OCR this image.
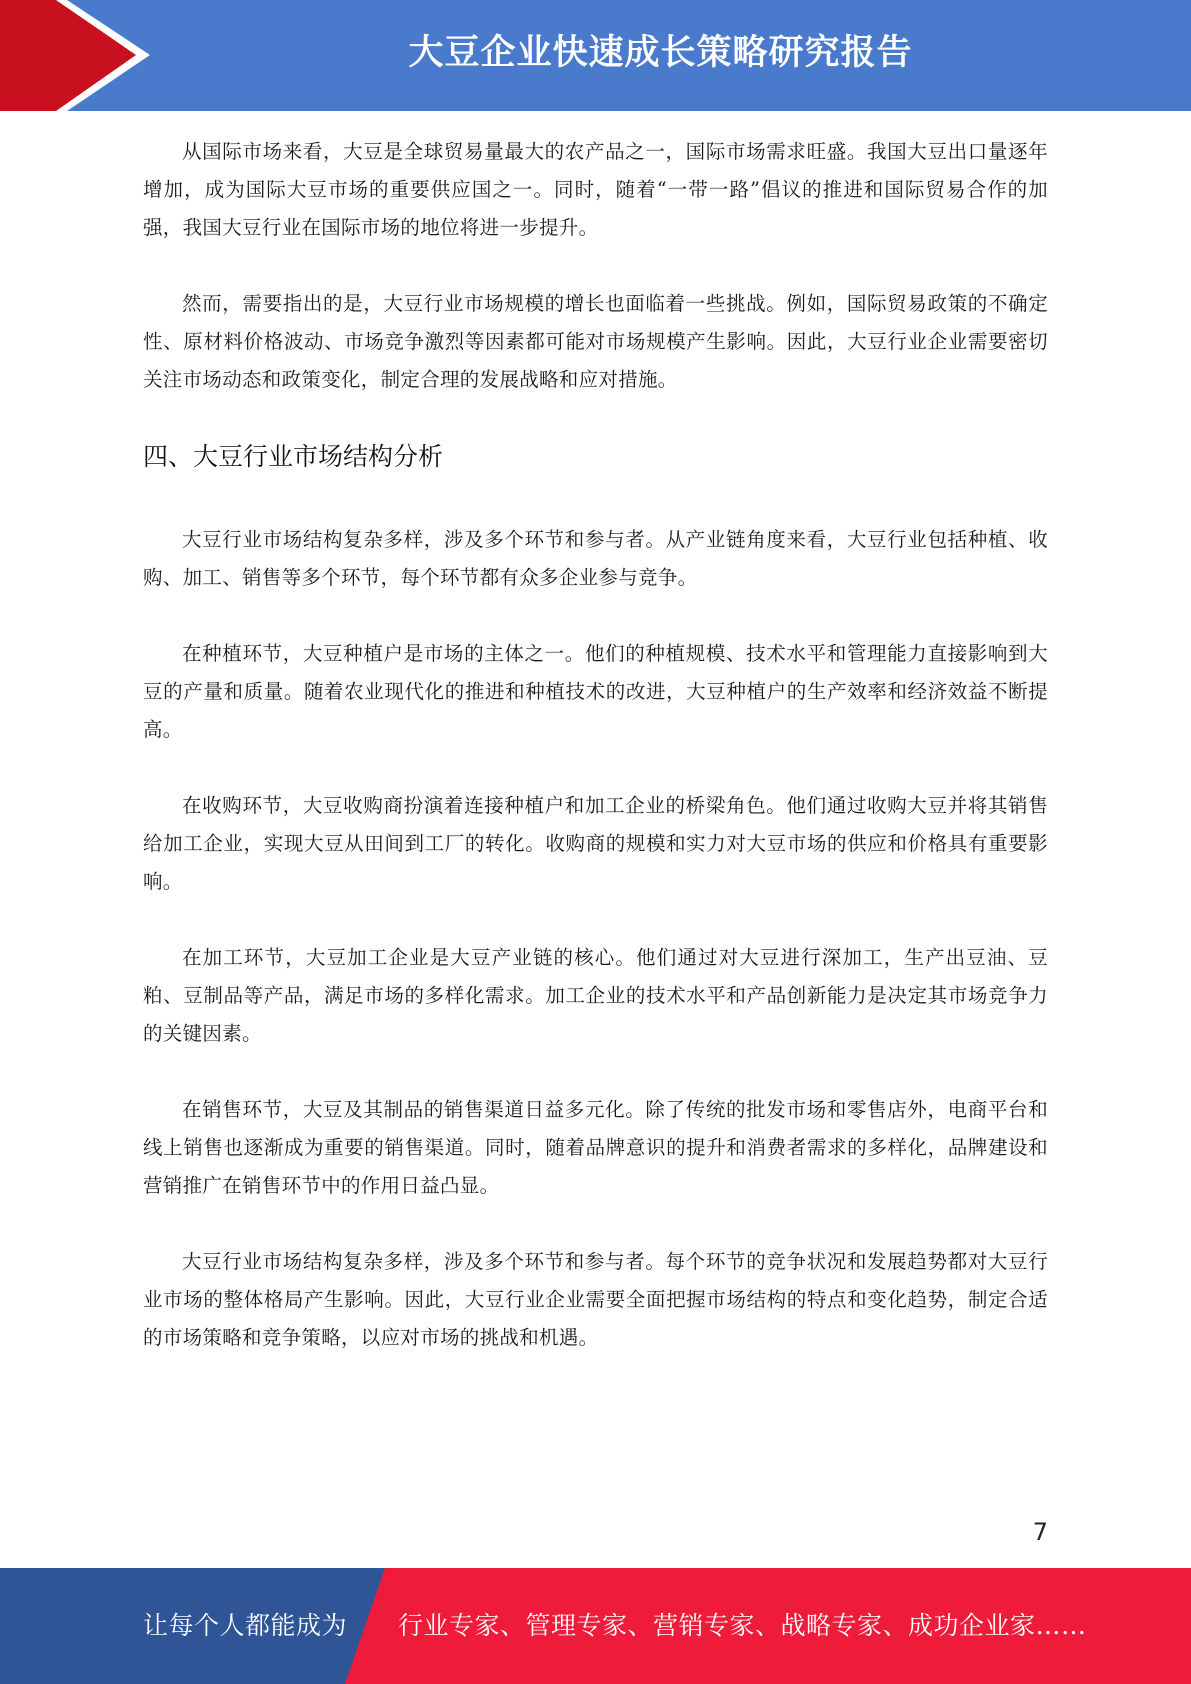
大豆企业快速成长策略研究报告

从国际市场来看，大豆是全球贸易量最大的农产品之一，国际市场需求旺盛。我国大豆出口量逐年增加，成为国际大豆市场的重要供应国之一。同时，随着“一带一路”倡议的推进和国际贸易合作的加强，我国大豆行业在国际市场的地位将进一步提升。

然而，需要指出的是，大豆行业市场规模的增长也面临着一些挑战。例如，国际贸易政策的不确定性、原材料价格波动、市场竞争激烈等因素都可能对市场规模产生影响。因此，大豆行业企业需要密切关注市场动态和政策变化，制定合理的发展战略和应对措施。

四、大豆行业市场结构分析

大豆行业市场结构复杂多样，涉及多个环节和参与者。从产业链角度来看，大豆行业包括种植、收购、加工、销售等多个环节，每个环节都有众多企业参与竞争。

在种植环节，大豆种植户是市场的主体之一。他们的种植规模、技术水平和管理能力直接影响到大豆的产量和质量。随着农业现代化的推进和种植技术的改进，大豆种植户的生产效率和经济效益不断提高。

在收购环节，大豆收购商扮演着连接种植户和加工企业的桥梁角色。他们通过收购大豆并将其销售给加工企业，实现大豆从田间到工厂的转化。收购商的规模和实力对大豆市场的供应和价格具有重要影响。

在加工环节，大豆加工企业是大豆产业链的核心。他们通过对大豆进行深加工，生产出豆油、豆粕、豆制品等产品，满足市场的多样化需求。加工企业的技术水平和产品创新能力是决定其市场竞争力的关键因素。

在销售环节，大豆及其制品的销售渠道日益多元化。除了传统的批发市场和零售店外，电商平台和线上销售也逐渐成为重要的销售渠道。同时，随着品牌意识的提升和消费者需求的多样化，品牌建设和营销推广在销售环节中的作用日益凸显。

大豆行业市场结构复杂多样，涉及多个环节和参与者。每个环节的竞争状况和发展趋势都对大豆行业市场的整体格局产生影响。因此，大豆行业企业需要全面把握市场结构的特点和变化趋势，制定合适的市场策略和竞争策略，以应对市场的挑战和机遇。

7
让每个人都能成为 行业专家、管理专家、营销专家、战略专家、成功企业家……
